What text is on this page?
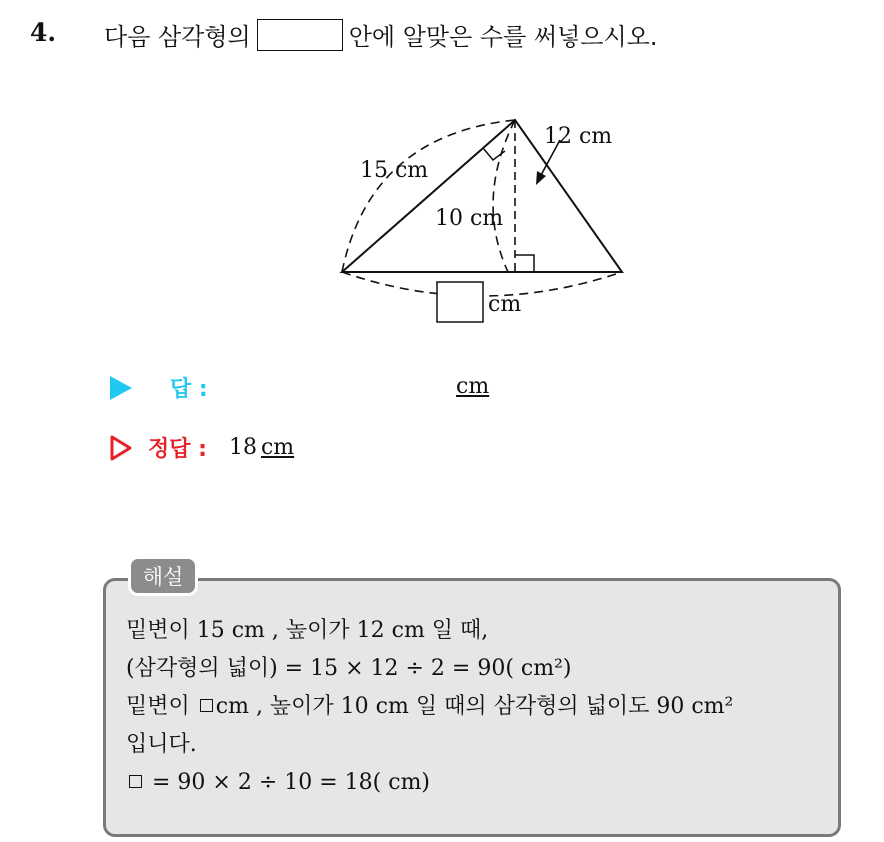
4. 다음 삼각형의	안에 알맞은 수를 써넣으시오.
15 cm
12 cm
10 cm
cm
답 :	cm
정답 : 18 cm
해설
밑변이 15 cm , 높이가 12 cm 일 때,
(삼각형의 넓이) = 15 × 12 ÷ 2 = 90( cm²)
밑변이 cm , 높이가 10 cm 일 때의 삼각형의 넓이도 90 cm²
입니다.
= 90 × 2 ÷ 10 = 18( cm)
